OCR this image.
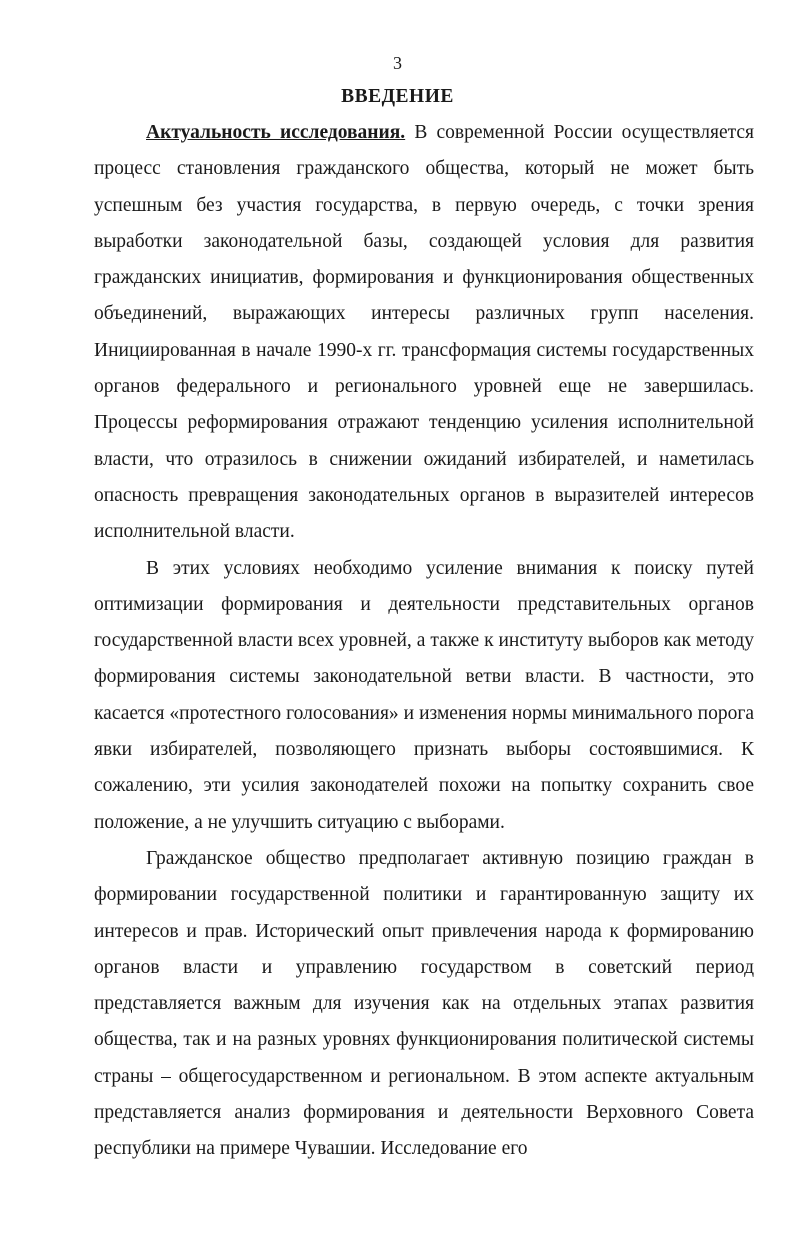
3
ВВЕДЕНИЕ

Актуальность исследования. В современной России осуществляется процесс становления гражданского общества, который не может быть успешным без участия государства, в первую очередь, с точки зрения выработки законодательной базы, создающей условия для развития гражданских инициатив, формирования и функционирования общественных объединений, выражающих интересы различных групп населения. Инициированная в начале 1990-х гг. трансформация системы государственных органов федерального и регионального уровней еще не завершилась. Процессы реформирования отражают тенденцию усиления исполнительной власти, что отразилось в снижении ожиданий избирателей, и наметилась опасность превращения законодательных органов в выразителей интересов исполнительной власти.

В этих условиях необходимо усиление внимания к поиску путей оптимизации формирования и деятельности представительных органов государственной власти всех уровней, а также к институту выборов как методу формирования системы законодательной ветви власти. В частности, это касается «протестного голосования» и изменения нормы минимального порога явки избирателей, позволяющего признать выборы состоявшимися. К сожалению, эти усилия законодателей похожи на попытку сохранить свое положение, а не улучшить ситуацию с выборами.

Гражданское общество предполагает активную позицию граждан в формировании государственной политики и гарантированную защиту их интересов и прав. Исторический опыт привлечения народа к формированию органов власти и управлению государством в советский период представляется важным для изучения как на отдельных этапах развития общества, так и на разных уровнях функционирования политической системы страны – общегосударственном и региональном. В этом аспекте актуальным представляется анализ формирования и деятельности Верховного Совета республики на примере Чувашии. Исследование его
